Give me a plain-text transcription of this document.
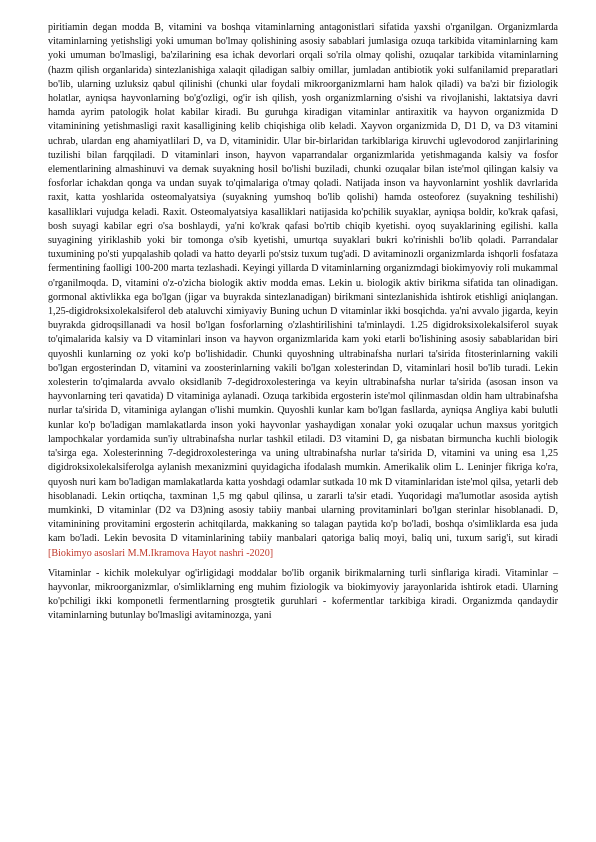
piritiamin degan modda B, vitamini va boshqa vitaminlarning antagonistlari sifatida yaxshi o'rganilgan. Organizmlarda vitaminlarning yetishsligi yoki umuman bo'lmay qolishining asosiy sabablari jumlasiga ozuqa tarkibida vitaminlarning kam yoki umuman bo'lmasligi, ba'zilarining esa ichak devorlari orqali so'rila olmay qolishi, ozuqalar tarkibida vitaminlarning (hazm qilish organlarida) sintezlanishiga xalaqit qiladigan salbiy omillar, jumladan antibiotik yoki sulfanilamid preparatlari bo'lib, ularning uzluksiz qabul qilinishi (chunki ular foydali mikroorganizmlarni ham halok qiladi) va ba'zi bir fiziologik holatlar, ayniqsa hayvonlarning bo'g'ozligi, og'ir ish qilish, yosh organizmlarning o'sishi va rivojlanishi, laktatsiya davri hamda ayrim patologik holat kabilar kiradi. Bu guruhga kiradigan vitaminlar antiraxitik va hayvon organizmida D vitaminining yetishmasligi raxit kasalligining kelib chiqishiga olib keladi. Xayvon organizmida D, D1 D, va D3 vitamini uchrab, ulardan eng ahamiyatlilari D, va D, vitaminidir. Ular bir-birlaridan tarkiblariga kiruvchi uglevodorod zanjirlarining tuzilishi bilan farqqiladi. D vitaminlari inson, hayvon vaparrandalar organizmlarida yetishmaganda kalsiy va fosfor elementlarining almashinuvi va demak suyakning hosil bo'lishi buziladi, chunki ozuqalar bilan iste'mol qilingan kalsiy va fosforlar ichakdan qonga va undan suyak to'qimalariga o'tmay qoladi. Natijada inson va hayvonlarnint yoshlik davrlarida raxit, katta yoshlarida osteomalyatsiya (suyakning yumshoq bo'lib qolishi) hamda osteoforez (suyakning teshilishi) kasalliklari vujudga keladi. Raxit. Osteomalyatsiya kasalliklari natijasida ko'pchilik suyaklar, ayniqsa boldir, ko'krak qafasi, bosh suyagi kabilar egri o'sa boshlaydi, ya'ni ko'krak qafasi bo'rtib chiqib kyetishi. oyoq suyaklarining egilishi. kalla suyagining yiriklashib yoki bir tomonga o'sib kyetishi, umurtqa suyaklari bukri ko'rinishli bo'lib qoladi. Parrandalar tuxumining po'sti yupqalashib qoladi va hatto deyarli po'stsiz tuxum tug'adi. D avitaminozli organizmlarda ishqorli fosfataza fermentining faolligi 100-200 marta tezlashadi. Keyingi yillarda D vitaminlarning organizmdagi biokimyoviy roli mukammal o'rganilmoqda. D, vitamini o'z-o'zicha biologik aktiv modda emas. Lekin u. biologik aktiv birikma sifatida tan olinadigan. gormonal aktivlikka ega bo'lgan (jigar va buyrakda sintezlanadigan) birikmani sintezlanishida ishtirok etishligi aniqlangan. 1,25-digidroksixolekalsiferol deb ataluvchi ximiyaviy Buning uchun D vitaminlar ikki bosqichda. ya'ni avvalo jigarda, keyin buyrakda gidroqsillanadi va hosil bo'lgan fosforlarning o'zlashtirilishini ta'minlaydi. 1.25 digidroksixolekalsiferol suyak to'qimalarida kalsiy va D vitaminlari inson va hayvon organizmlarida kam yoki etarli bo'lishining asosiy sabablaridan biri quyoshli kunlarning oz yoki ko'p bo'lishidadir. Chunki quyoshning ultrabinafsha nurlari ta'sirida fitosterinlarning vakili bo'lgan ergosterindan D, vitamini va zoosterinlarning vakili bo'lgan xolesterindan D, vitaminlari hosil bo'lib turadi. Lekin xolesterin to'qimalarda avvalo oksidlanib 7-degidroxolesteringa va keyin ultrabinafsha nurlar ta'sirida (asosan inson va hayvonlarning teri qavatida) D vitaminiga aylanadi. Ozuqa tarkibida ergosterin iste'mol qilinmasdan oldin ham ultrabinafsha nurlar ta'sirida D, vitaminiga aylangan o'lishi mumkin. Quyoshli kunlar kam bo'lgan fasllarda, ayniqsa Angliya kabi bulutli kunlar ko'p bo'ladigan mamlakatlarda inson yoki hayvonlar yashaydigan xonalar yoki ozuqalar uchun maxsus yoritgich lampochkalar yordamida sun'iy ultrabinafsha nurlar tashkil etiladi. D3 vitamini D, ga nisbatan birmuncha kuchli biologik ta'sirga ega. Xolesterinning 7-degidroxolesteringa va uning ultrabinafsha nurlar ta'sirida D, vitamini va uning esa 1,25 digidroksixolekalsiferolga aylanish mexanizmini quyidagicha ifodalash mumkin. Amerikalik olim L. Leninjer fikriga ko'ra, quyosh nuri kam bo'ladigan mamlakatlarda katta yoshdagi odamlar sutkada 10 mk D vitaminlaridan iste'mol qilsa, yetarli deb hisoblanadi. Lekin ortiqcha, taxminan 1,5 mg qabul qilinsa, u zararli ta'sir etadi. Yuqoridagi ma'lumotlar asosida aytish mumkinki, D vitaminlar (D2 va D3)ning asosiy tabiiy manbai ularning provitaminlari bo'lgan sterinlar hisoblanadi. D, vitaminining provitamini ergosterin achitqilarda, makkaning so talagan paytida ko'p bo'ladi, boshqa o'simliklarda esa juda kam bo'ladi. Lekin bevosita D vitaminlarining tabiiy manbalari qatoriga baliq moyi, baliq uni, tuxum sarig'i, sut kiradi [Biokimyo asoslari M.M.Ikramova Hayot nashri -2020]

Vitaminlar - kichik molekulyar og'irligidagi moddalar bo'lib organik birikmalarning turli sinflariga kiradi. Vitaminlar – hayvonlar, mikroorganizmlar, o'simliklarning eng muhim fiziologik va biokimyoviy jarayonlarida ishtirok etadi. Ularning ko'pchiligi ikki komponetli fermentlarning prosgtetik guruhlari - kofermentlar tarkibiga kiradi. Organizmda qandaydir vitaminlarning butunlay bo'lmasligi avitaminozga, yani
